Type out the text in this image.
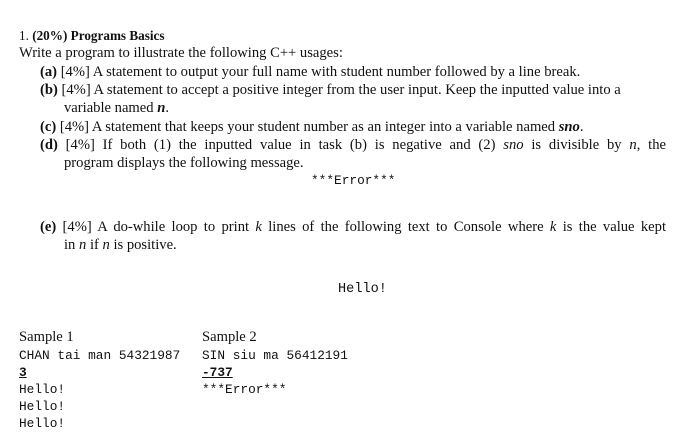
1. (20%) Programs Basics
Write a program to illustrate the following C++ usages:
(a) [4%] A statement to output your full name with student number followed by a line break.
(b) [4%] A statement to accept a positive integer from the user input. Keep the inputted value into a
variable named n.
(c) [4%] A statement that keeps your student number as an integer into a variable named sno.
(d) [4%] If both (1) the inputted value in task (b) is negative and (2) sno is divisible by n, the
program displays the following message.
***Error***
(e) [4%] A do-while loop to print k lines of the following text to Console where k is the value kept
in n if n is positive.
Hello!
Sample 1	Sample 2
CHAN tai man 54321987 SIN siu ma 56412191
3	-737
Hello!
Hello!
Hello!
***Error***
